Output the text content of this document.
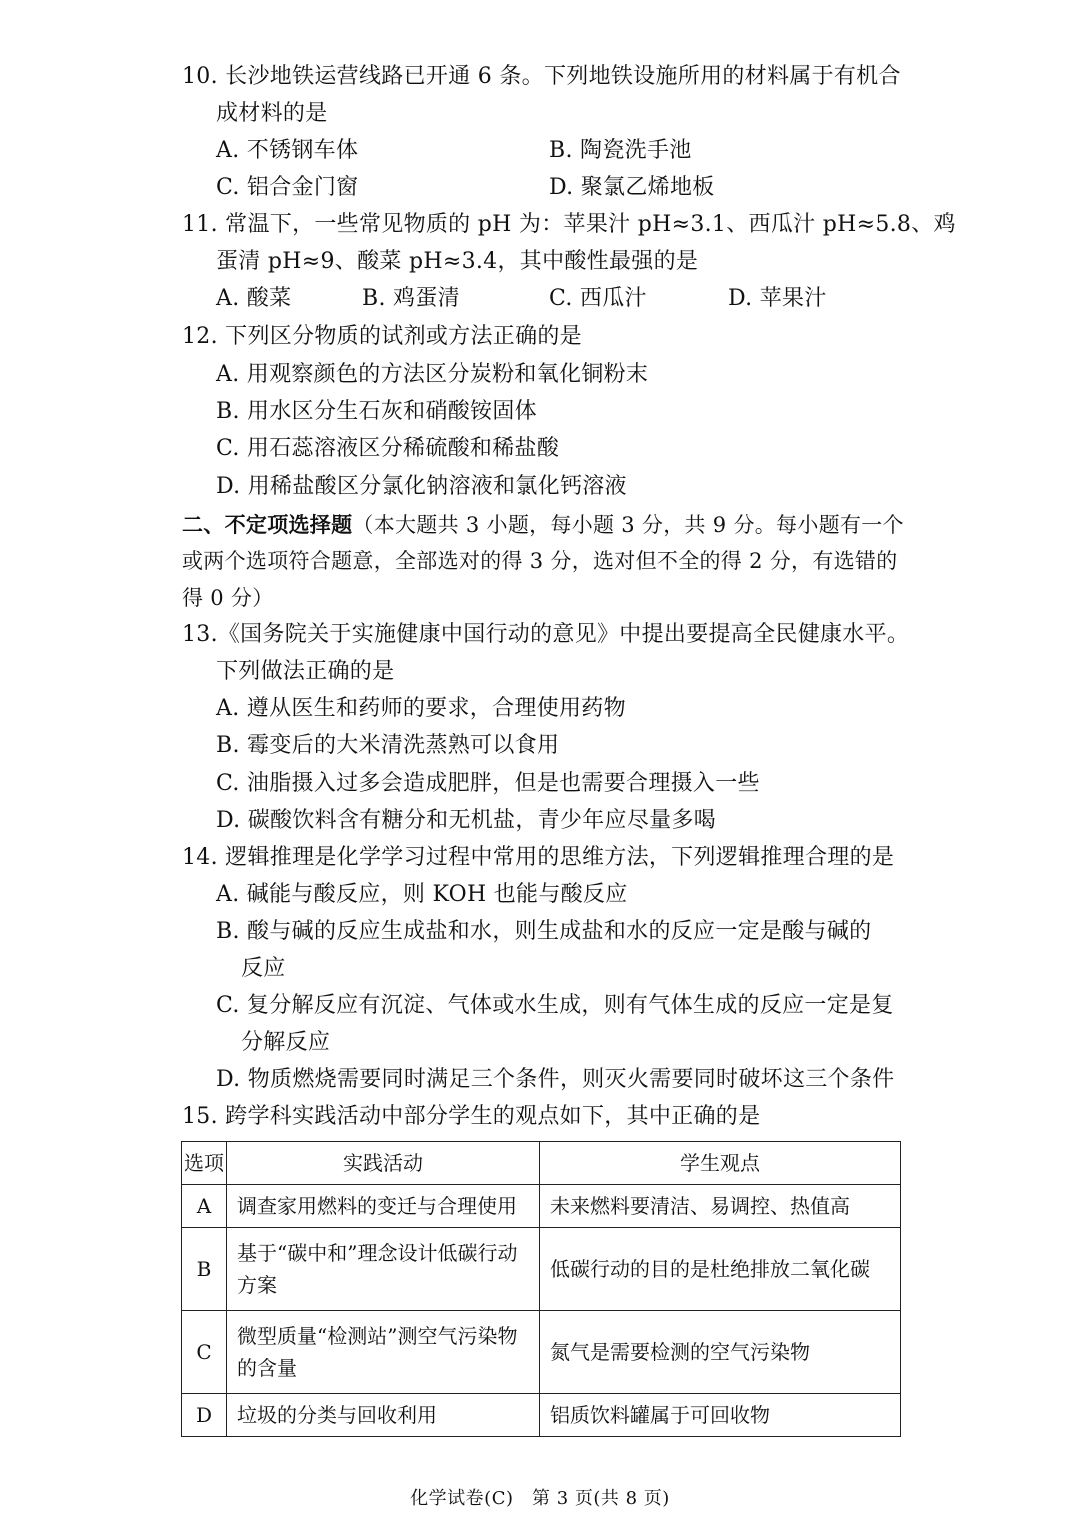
10. 长沙地铁运营线路已开通 6 条。下列地铁设施所用的材料属于有机合
成材料的是
A. 不锈钢车体	B. 陶瓷洗手池
C. 铝合金门窗	D. 聚氯乙烯地板
11. 常温下，一些常见物质的 pH 为：苹果汁 pH≈3.1、西瓜汁 pH≈5.8、鸡
蛋清 pH≈9、酸菜 pH≈3.4，其中酸性最强的是
A. 酸菜	B. 鸡蛋清	C. 西瓜汁	D. 苹果汁
12. 下列区分物质的试剂或方法正确的是
A. 用观察颜色的方法区分炭粉和氧化铜粉末
B. 用水区分生石灰和硝酸铵固体
C. 用石蕊溶液区分稀硫酸和稀盐酸
D. 用稀盐酸区分氯化钠溶液和氯化钙溶液
二、不定项选择题（本大题共 3 小题，每小题 3 分，共 9 分。每小题有一个
或两个选项符合题意，全部选对的得 3 分，选对但不全的得 2 分，有选错的
得 0 分）
13.《国务院关于实施健康中国行动的意见》中提出要提高全民健康水平。
下列做法正确的是
A. 遵从医生和药师的要求，合理使用药物
B. 霉变后的大米清洗蒸熟可以食用
C. 油脂摄入过多会造成肥胖，但是也需要合理摄入一些
D. 碳酸饮料含有糖分和无机盐，青少年应尽量多喝
14. 逻辑推理是化学学习过程中常用的思维方法，下列逻辑推理合理的是
A. 碱能与酸反应，则 KOH 也能与酸反应
B. 酸与碱的反应生成盐和水，则生成盐和水的反应一定是酸与碱的
反应
C. 复分解反应有沉淀、气体或水生成，则有气体生成的反应一定是复
分解反应
D. 物质燃烧需要同时满足三个条件，则灭火需要同时破坏这三个条件
15. 跨学科实践活动中部分学生的观点如下，其中正确的是
选项	实践活动	学生观点
A	调查家用燃料的变迁与合理使用	未来燃料要清洁、易调控、热值高
B	基于“碳中和”理念设计低碳行动方案	低碳行动的目的是杜绝排放二氧化碳
C	微型质量“检测站”测空气污染物的含量	氮气是需要检测的空气污染物
D	垃圾的分类与回收利用	铝质饮料罐属于可回收物
化学试卷(C)　第 3 页(共 8 页)
